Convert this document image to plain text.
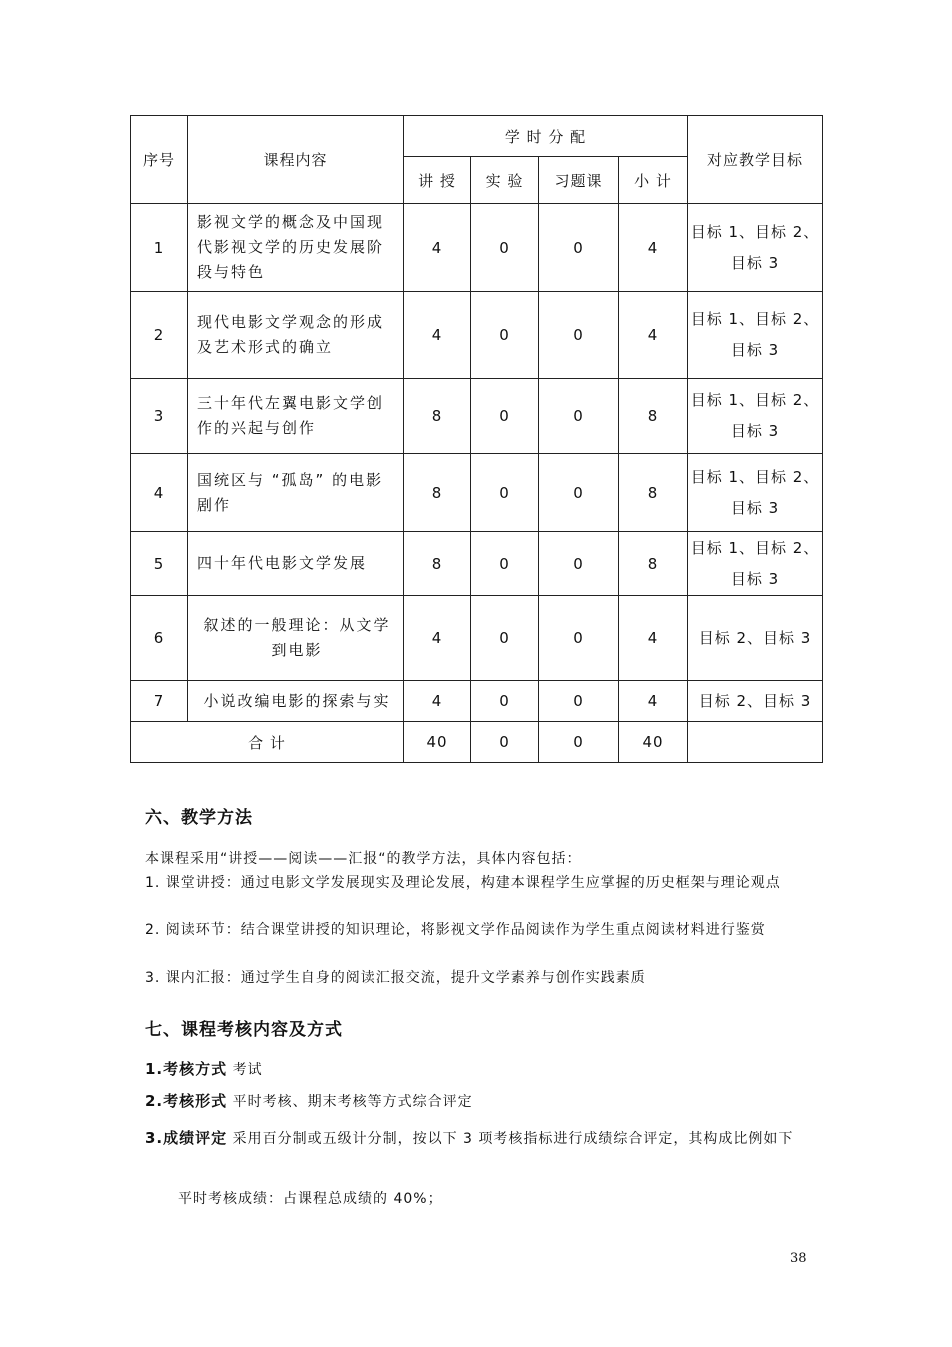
序号	课程内容	学 时 分 配				对应教学目标
		讲 授	实 验	习题课	小 计	
1	影视文学的概念及中国现代影视文学的历史发展阶段与特色	4	0	0	4	目标 1、目标 2、目标 3
2	现代电影文学观念的形成及艺术形式的确立	4	0	0	4	目标 1、目标 2、目标 3
3	三十年代左翼电影文学创作的兴起与创作	8	0	0	8	目标 1、目标 2、目标 3
4	国统区与 “孤岛” 的电影剧作	8	0	0	8	目标 1、目标 2、目标 3
5	四十年代电影文学发展	8	0	0	8	目标 1、目标 2、目标 3
6	叙述的一般理论：从文学到电影	4	0	0	4	目标 2、目标 3
7	小说改编电影的探索与实	4	0	0	4	目标 2、目标 3
合 计		40	0	0	40	
六、教学方法

本课程采用“讲授——阅读——汇报“的教学方法，具体内容包括：

1. 课堂讲授：通过电影文学发展现实及理论发展，构建本课程学生应掌握的历史框架与理论观点

2. 阅读环节：结合课堂讲授的知识理论，将影视文学作品阅读作为学生重点阅读材料进行鉴赏

3. 课内汇报：通过学生自身的阅读汇报交流，提升文学素养与创作实践素质

七、课程考核内容及方式

1.考核方式 考试

2.考核形式 平时考核、期末考核等方式综合评定

3.成绩评定 采用百分制或五级计分制，按以下 3 项考核指标进行成绩综合评定，其构成比例如下

平时考核成绩：占课程总成绩的 40%；

38
